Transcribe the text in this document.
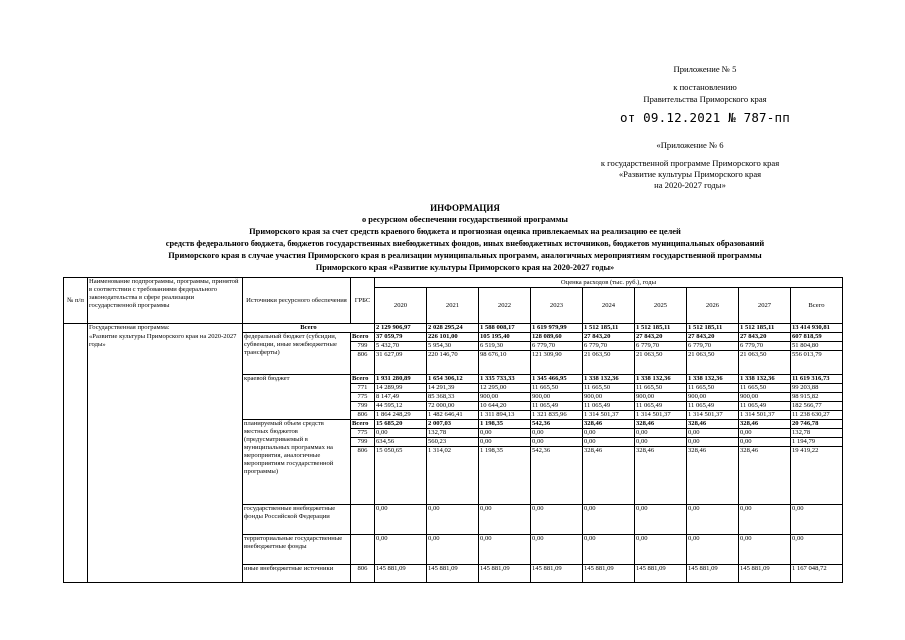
Приложение № 5
к постановлению
Правительства Приморского края
от 09.12.2021 № 787-пп
«Приложение № 6
к государственной программе Приморского края
«Развитие культуры Приморского края
на 2020-2027 годы»
ИНФОРМАЦИЯ
о ресурсном обеспечении государственной программы
Приморского края за счет средств краевого бюджета и прогнозная оценка привлекаемых на реализацию ее целей
средств федерального бюджета, бюджетов государственных внебюджетных фондов, иных внебюджетных источников, бюджетов муниципальных образований
Приморского края в случае участия Приморского края в реализации муниципальных программ, аналогичных мероприятиям государственной программы
Приморского края «Развитие культуры Приморского края на 2020-2027 годы»
№ п/п	Наименование подпрограммы, программы, принятой в соответствии с требованиями федерального законодательства в сфере реализации государственной программы	Источники ресурсного обеспечения	ГРБС	Оценка расходов (тыс. руб.), годы								
				2020	2021	2022	2023	2024	2025	2026	2027	Всего
	Государственная программа:	Всего		2 129 906,97	2 028 295,24	1 588 008,17	1 619 979,99	1 512 185,11	1 512 185,11	1 512 185,11	1 512 185,11	13 414 930,81
	«Развитие культуры Приморского края на 2020-2027 годы»	федеральный бюджет (субсидии, субвенции, иные межбюджетные трансферты)	Всего	37 059,79	226 101,00	105 195,40	128 089,60	27 843,20	27 843,20	27 843,20	27 843,20	607 818,59
			799	5 432,70	5 954,30	6 519,30	6 779,70	6 779,70	6 779,70	6 779,70	6 779,70	51 804,80
			806	31 627,09	220 146,70	98 676,10	121 309,90	21 063,50	21 063,50	21 063,50	21 063,50	556 013,79
		краевой бюджет	Всего	1 931 280,89	1 654 306,12	1 335 733,33	1 345 466,95	1 338 132,36	1 338 132,36	1 338 132,36	1 338 132,36	11 619 316,73
			771	14 289,99	14 291,39	12 295,00	11 665,50	11 665,50	11 665,50	11 665,50	11 665,50	99 203,88
			775	8 147,49	85 368,33	900,00	900,00	900,00	900,00	900,00	900,00	98 915,82
			799	44 595,12	72 000,00	10 644,20	11 065,49	11 065,49	11 065,49	11 065,49	11 065,49	182 566,77
			806	1 864 248,29	1 482 646,41	1 311 894,13	1 321 835,96	1 314 501,37	1 314 501,37	1 314 501,37	1 314 501,37	11 238 630,27
		планируемый объем средств местных бюджетов (предусматриваемый в муниципальных программах на мероприятия, аналогичные мероприятиям государственной программы)	Всего	15 685,20	2 007,03	1 198,35	542,36	328,46	328,46	328,46	328,46	20 746,78
			775	0,00	132,78	0,00	0,00	0,00	0,00	0,00	0,00	132,78
			799	634,56	560,23	0,00	0,00	0,00	0,00	0,00	0,00	1 194,79
			806	15 050,65	1 314,02	1 198,35	542,36	328,46	328,46	328,46	328,46	19 419,22
		государственные внебюджетные фонды Российской Федерации		0,00	0,00	0,00	0,00	0,00	0,00	0,00	0,00	0,00
		территориальные государственные внебюджетные фонды		0,00	0,00	0,00	0,00	0,00	0,00	0,00	0,00	0,00
		иные внебюджетные источники	806	145 881,09	145 881,09	145 881,09	145 881,09	145 881,09	145 881,09	145 881,09	145 881,09	1 167 048,72
